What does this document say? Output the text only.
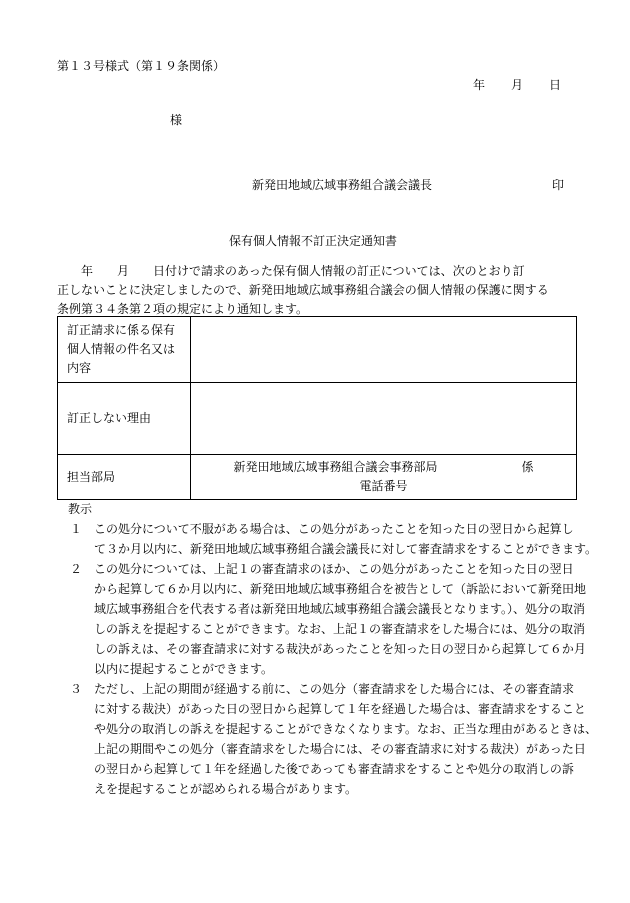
第１３号様式（第１９条関係）
年 月 日
様
新発田地域広域事務組合議会議長	印
保有個人情報不訂正決定通知書
　　年　　月　　日付けで請求のあった保有個人情報の訂正については、次のとおり訂
正しないことに決定しましたので、新発田地域広域事務組合議会の個人情報の保護に関する
条例第３４条第２項の規定により通知します。
訂正請求に係る保有
個人情報の件名又は
内容	

訂正しない理由	

担当部局	新発田地域広域事務組合議会事務部局　　　　　　　係
電話番号
教示
１ この処分について不服がある場合は、この処分があったことを知った日の翌日から起算し
て３か月以内に、新発田地域広域事務組合議会議長に対して審査請求をすることができます。
２ この処分については、上記１の審査請求のほか、この処分があったことを知った日の翌日
から起算して６か月以内に、新発田地域広域事務組合を被告として（訴訟において新発田地
域広域事務組合を代表する者は新発田地域広域事務組合議会議長となります。）、処分の取消
しの訴えを提起することができます。なお、上記１の審査請求をした場合には、処分の取消
しの訴えは、その審査請求に対する裁決があったことを知った日の翌日から起算して６か月
以内に提起することができます。
３ ただし、上記の期間が経過する前に、この処分（審査請求をした場合には、その審査請求
に対する裁決）があった日の翌日から起算して１年を経過した場合は、審査請求をすること
や処分の取消しの訴えを提起することができなくなります。なお、正当な理由があるときは、
上記の期間やこの処分（審査請求をした場合には、その審査請求に対する裁決）があった日
の翌日から起算して１年を経過した後であっても審査請求をすることや処分の取消しの訴
えを提起することが認められる場合があります。
